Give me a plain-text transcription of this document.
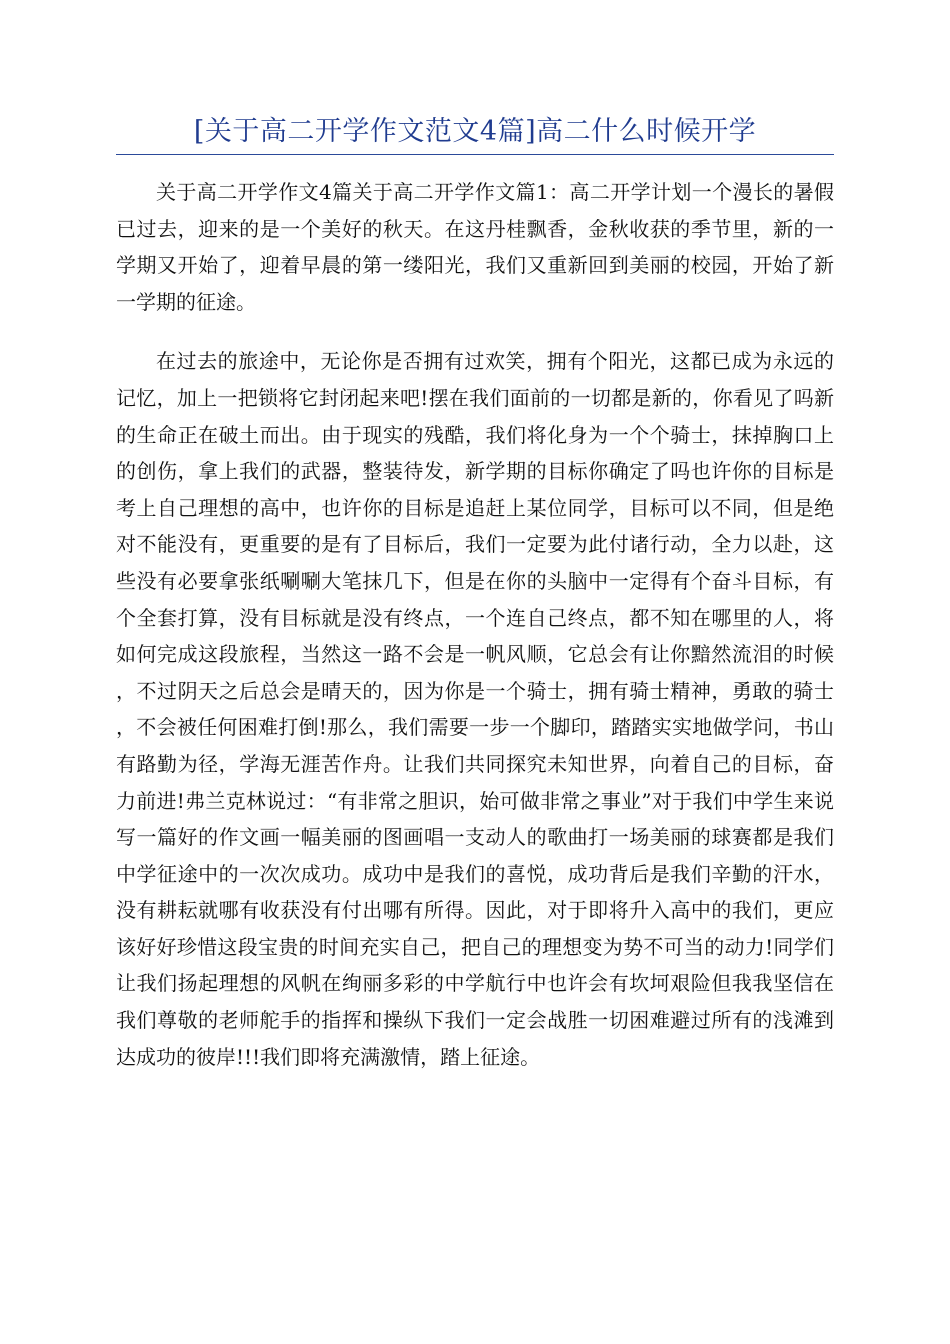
[关于高二开学作文范文4篇]高二什么时候开学

关于高二开学作文4篇关于高二开学作文篇1：高二开学计划一个漫长的暑假已过去，迎来的是一个美好的秋天。在这丹桂飘香，金秋收获的季节里，新的一学期又开始了，迎着早晨的第一缕阳光，我们又重新回到美丽的校园，开始了新一学期的征途。

在过去的旅途中，无论你是否拥有过欢笑，拥有个阳光，这都已成为永远的记忆，加上一把锁将它封闭起来吧!摆在我们面前的一切都是新的，你看见了吗新的生命正在破土而出。由于现实的残酷，我们将化身为一个个骑士，抹掉胸口上的创伤，拿上我们的武器，整装待发，新学期的目标你确定了吗也许你的目标是考上自己理想的高中，也许你的目标是追赶上某位同学，目标可以不同，但是绝对不能没有，更重要的是有了目标后，我们一定要为此付诸行动，全力以赴，这些没有必要拿张纸唰唰大笔抹几下，但是在你的头脑中一定得有个奋斗目标，有个全套打算，没有目标就是没有终点，一个连自己终点，都不知在哪里的人，将如何完成这段旅程，当然这一路不会是一帆风顺，它总会有让你黯然流泪的时候，不过阴天之后总会是晴天的，因为你是一个骑士，拥有骑士精神，勇敢的骑士，不会被任何困难打倒!那么，我们需要一步一个脚印，踏踏实实地做学问，书山有路勤为径，学海无涯苦作舟。让我们共同探究未知世界，向着自己的目标，奋力前进!弗兰克林说过：“有非常之胆识，始可做非常之事业”对于我们中学生来说写一篇好的作文画一幅美丽的图画唱一支动人的歌曲打一场美丽的球赛都是我们中学征途中的一次次成功。成功中是我们的喜悦，成功背后是我们辛勤的汗水，没有耕耘就哪有收获没有付出哪有所得。因此，对于即将升入高中的我们，更应该好好珍惜这段宝贵的时间充实自己，把自己的理想变为势不可当的动力!同学们让我们扬起理想的风帆在绚丽多彩的中学航行中也许会有坎坷艰险但我我坚信在我们尊敬的老师舵手的指挥和操纵下我们一定会战胜一切困难避过所有的浅滩到达成功的彼岸!!!我们即将充满激情，踏上征途。
